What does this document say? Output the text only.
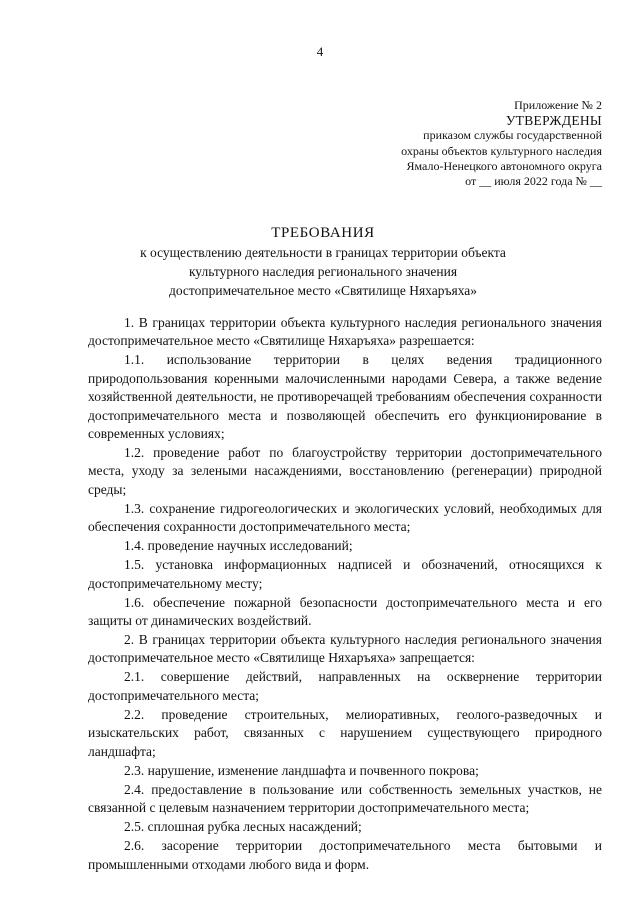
4
Приложение № 2
УТВЕРЖДЕНЫ
приказом службы государственной
охраны объектов культурного наследия
Ямало-Ненецкого автономного округа
от __ июля 2022 года № __
ТРЕБОВАНИЯ
к осуществлению деятельности в границах территории объекта
культурного наследия регионального значения
достопримечательное место «Святилище Няхаръяха»

1. В границах территории объекта культурного наследия регионального значения достопримечательное место «Святилище Няхаръяха» разрешается:

1.1. использование территории в целях ведения традиционного природопользования коренными малочисленными народами Севера, а также ведение хозяйственной деятельности, не противоречащей требованиям обеспечения сохранности достопримечательного места и позволяющей обеспечить его функционирование в современных условиях;

1.2. проведение работ по благоустройству территории достопримечательного места, уходу за зелеными насаждениями, восстановлению (регенерации) природной среды;

1.3. сохранение гидрогеологических и экологических условий, необходимых для обеспечения сохранности достопримечательного места;

1.4. проведение научных исследований;

1.5. установка информационных надписей и обозначений, относящихся к достопримечательному месту;

1.6. обеспечение пожарной безопасности достопримечательного места и его защиты от динамических воздействий.

2. В границах территории объекта культурного наследия регионального значения достопримечательное место «Святилище Няхаръяха» запрещается:

2.1. совершение действий, направленных на осквернение территории достопримечательного места;

2.2. проведение строительных, мелиоративных, геолого-разведочных и изыскательских работ, связанных с нарушением существующего природного ландшафта;

2.3. нарушение, изменение ландшафта и почвенного покрова;

2.4. предоставление в пользование или собственность земельных участков, не связанной с целевым назначением территории достопримечательного места;

2.5. сплошная рубка лесных насаждений;

2.6. засорение территории достопримечательного места бытовыми и промышленными отходами любого вида и форм.
